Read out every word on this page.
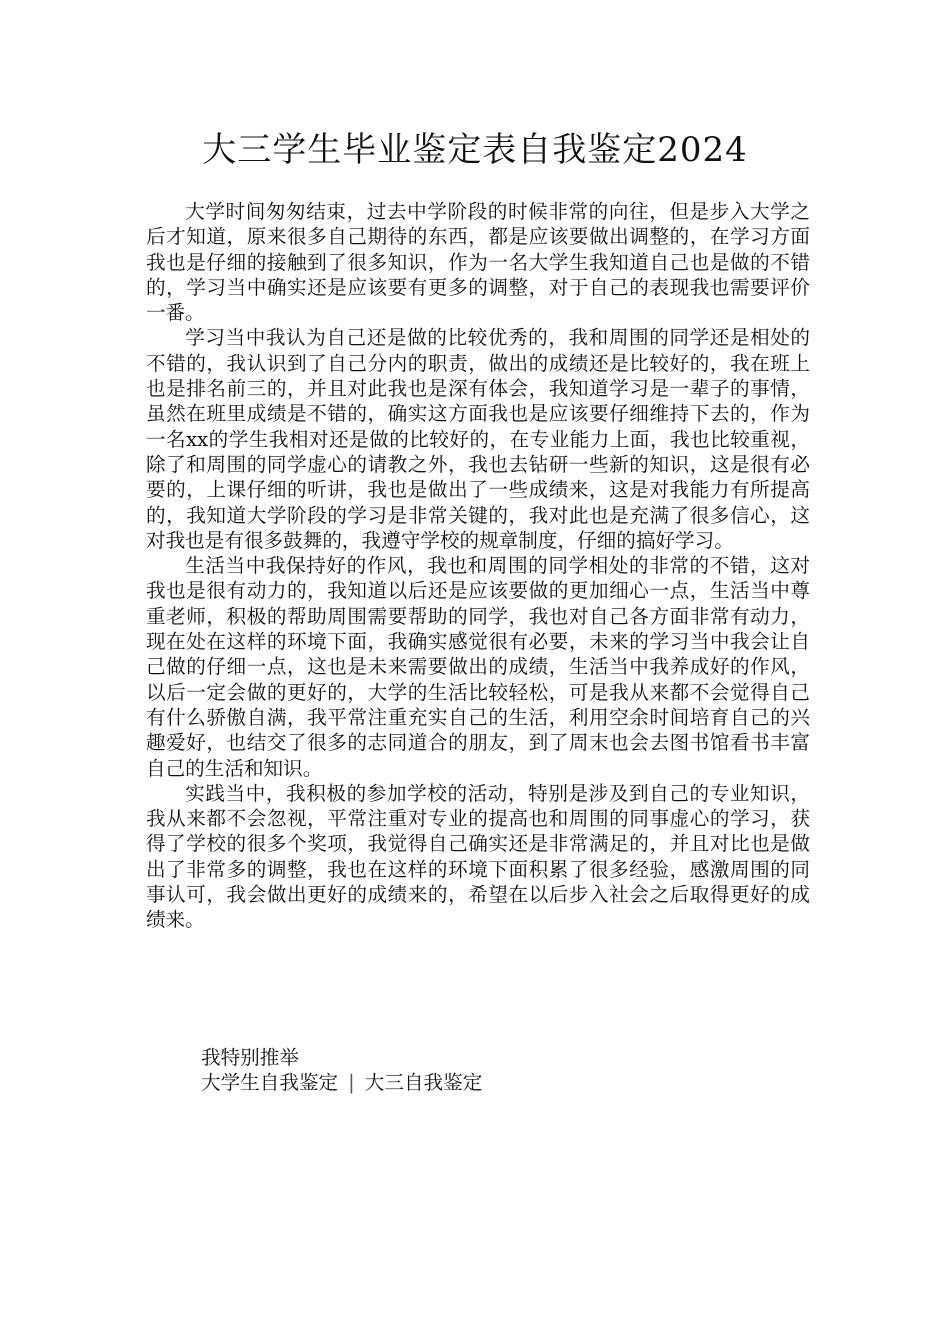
大三学生毕业鉴定表自我鉴定2024

大学时间匆匆结束，过去中学阶段的时候非常的向往，但是步入大学之后才知道，原来很多自己期待的东西，都是应该要做出调整的，在学习方面我也是仔细的接触到了很多知识，作为一名大学生我知道自己也是做的不错的，学习当中确实还是应该要有更多的调整，对于自己的表现我也需要评价一番。

学习当中我认为自己还是做的比较优秀的，我和周围的同学还是相处的不错的，我认识到了自己分内的职责，做出的成绩还是比较好的，我在班上也是排名前三的，并且对此我也是深有体会，我知道学习是一辈子的事情，虽然在班里成绩是不错的，确实这方面我也是应该要仔细维持下去的，作为一名xx的学生我相对还是做的比较好的，在专业能力上面，我也比较重视，除了和周围的同学虚心的请教之外，我也去钻研一些新的知识，这是很有必要的，上课仔细的听讲，我也是做出了一些成绩来，这是对我能力有所提高的，我知道大学阶段的学习是非常关键的，我对此也是充满了很多信心，这对我也是有很多鼓舞的，我遵守学校的规章制度，仔细的搞好学习。

生活当中我保持好的作风，我也和周围的同学相处的非常的不错，这对我也是很有动力的，我知道以后还是应该要做的更加细心一点，生活当中尊重老师，积极的帮助周围需要帮助的同学，我也对自己各方面非常有动力，现在处在这样的环境下面，我确实感觉很有必要，未来的学习当中我会让自己做的仔细一点，这也是未来需要做出的成绩，生活当中我养成好的作风，以后一定会做的更好的，大学的生活比较轻松，可是我从来都不会觉得自己有什么骄傲自满，我平常注重充实自己的生活，利用空余时间培育自己的兴趣爱好，也结交了很多的志同道合的朋友，到了周末也会去图书馆看书丰富自己的生活和知识。

实践当中，我积极的参加学校的活动，特别是涉及到自己的专业知识，我从来都不会忽视，平常注重对专业的提高也和周围的同事虚心的学习，获得了学校的很多个奖项，我觉得自己确实还是非常满足的，并且对比也是做出了非常多的调整，我也在这样的环境下面积累了很多经验，感激周围的同事认可，我会做出更好的成绩来的，希望在以后步入社会之后取得更好的成绩来。

我特别推举
大学生自我鉴定 | 大三自我鉴定
